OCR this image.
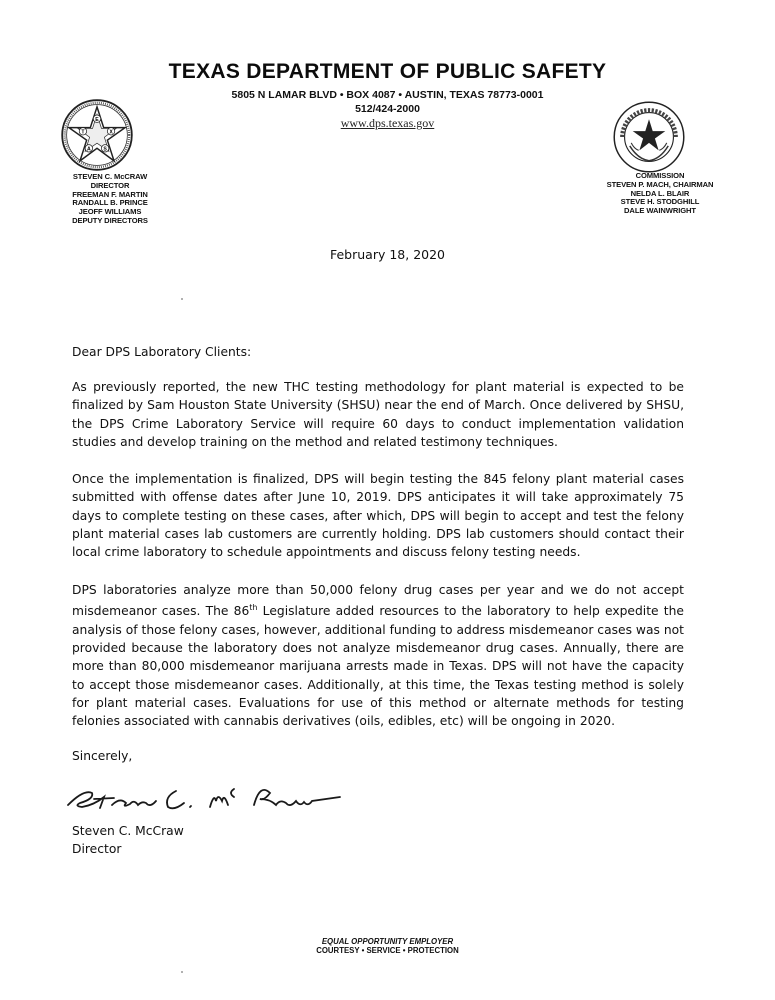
TEXAS DEPARTMENT OF PUBLIC SAFETY
5805 N LAMAR BLVD • BOX 4087 • AUSTIN, TEXAS 78773-0001
512/424-2000
www.dps.texas.gov
E
T	X
A S
STEVEN C. McCRAW
DIRECTOR
FREEMAN F. MARTIN
RANDALL B. PRINCE
JEOFF WILLIAMS
DEPUTY DIRECTORS
COMMISSION
STEVEN P. MACH, CHAIRMAN
NELDA L. BLAIR
STEVE H. STODGHILL
DALE WAINWRIGHT
February 18, 2020
Dear DPS Laboratory Clients:

As previously reported, the new THC testing methodology for plant material is expected to be finalized by Sam Houston State University (SHSU) near the end of March. Once delivered by SHSU, the DPS Crime Laboratory Service will require 60 days to conduct implementation validation studies and develop training on the method and related testimony techniques.

Once the implementation is finalized, DPS will begin testing the 845 felony plant material cases submitted with offense dates after June 10, 2019. DPS anticipates it will take approximately 75 days to complete testing on these cases, after which, DPS will begin to accept and test the felony plant material cases lab customers are currently holding. DPS lab customers should contact their local crime laboratory to schedule appointments and discuss felony testing needs.

DPS laboratories analyze more than 50,000 felony drug cases per year and we do not accept misdemeanor cases. The 86th Legislature added resources to the laboratory to help expedite the analysis of those felony cases, however, additional funding to address misdemeanor cases was not provided because the laboratory does not analyze misdemeanor drug cases. Annually, there are more than 80,000 misdemeanor marijuana arrests made in Texas. DPS will not have the capacity to accept those misdemeanor cases. Additionally, at this time, the Texas testing method is solely for plant material cases. Evaluations for use of this method or alternate methods for testing felonies associated with cannabis derivatives (oils, edibles, etc) will be ongoing in 2020.

Sincerely,
Steven C. McCraw
Director
EQUAL OPPORTUNITY EMPLOYER
COURTESY • SERVICE • PROTECTION
